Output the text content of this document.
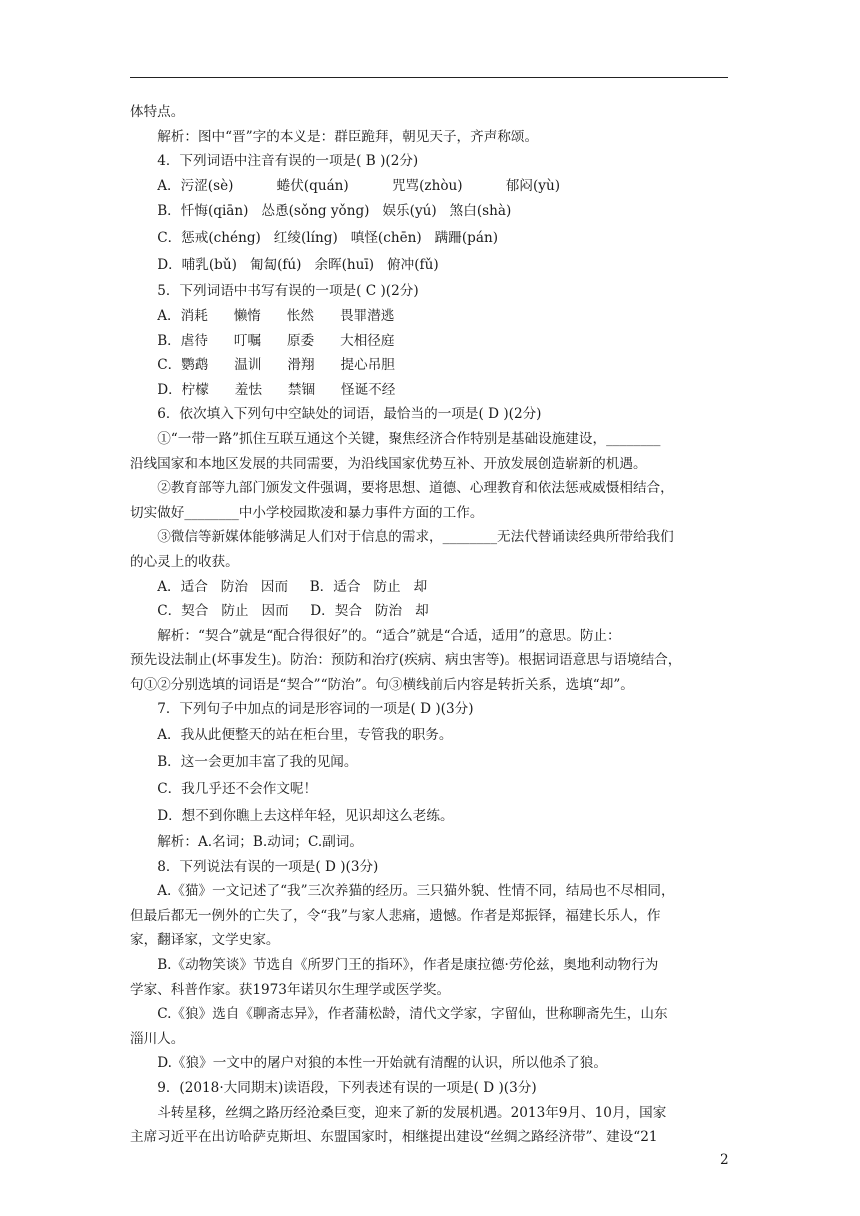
体特点。
解析：图中“晋”字的本义是：群臣跪拜，朝见天子，齐声称颂。
4．下列词语中注音有误的一项是( B )(2分)
A．污涩(sè)          蜷伏(quán)          咒骂(zhòu)          郁闷(yù)
B．忏悔(qiān)   怂恿(sǒng yǒng)   娱乐(yú)   煞白(shà)
C．惩戒(chéng)   红绫(líng)   嗔怪(chēn)   蹒跚(pán)
D．哺乳(bǔ)   匍匐(fú)   余晖(huī)   俯冲(fǔ)
5．下列词语中书写有误的一项是( C )(2分)
A．消耗      懒惰      怅然      畏罪潜逃
B．虐待      叮嘱      原委      大相径庭
C．鹦鹉      温训      滑翔      提心吊胆
D．柠檬      羞怯      禁锢      怪诞不经
6．依次填入下列句中空缺处的词语，最恰当的一项是( D )(2分)
①“一带一路”抓住互联互通这个关键，聚焦经济合作特别是基础设施建设，________
沿线国家和本地区发展的共同需要，为沿线国家优势互补、开放发展创造崭新的机遇。
②教育部等九部门颁发文件强调，要将思想、道德、心理教育和依法惩戒威慑相结合，
切实做好________中小学校园欺凌和暴力事件方面的工作。
③微信等新媒体能够满足人们对于信息的需求，________无法代替诵读经典所带给我们
的心灵上的收获。
A．适合   防治   因而     B．适合   防止   却
C．契合   防止   因而     D．契合   防治   却
解析：“契合”就是“配合得很好”的。“适合”就是“合适，适用”的意思。防止：
预先设法制止(坏事发生)。防治：预防和治疗(疾病、病虫害等)。根据词语意思与语境结合，
句①②分别选填的词语是“契合”“防治”。句③横线前后内容是转折关系，选填“却”。
7．下列句子中加点的词是形容词的一项是( D )(3分)
A．我从此便整天的站在柜台里，专管我的职务。
B．这一会更加丰富了我的见闻。
C．我几乎还不会作文呢！
D．想不到你瞧上去这样年轻，见识却这么老练。
解析：A.名词；B.动词；C.副词。
8．下列说法有误的一项是( D )(3分)
A.《猫》一文记述了“我”三次养猫的经历。三只猫外貌、性情不同，结局也不尽相同，
但最后都无一例外的亡失了，令“我”与家人悲痛，遗憾。作者是郑振铎，福建长乐人，作
家，翻译家，文学史家。
B.《动物笑谈》节选自《所罗门王的指环》，作者是康拉德·劳伦兹，奥地利动物行为
学家、科普作家。获1973年诺贝尔生理学或医学奖。
C.《狼》选自《聊斋志异》，作者蒲松龄，清代文学家，字留仙，世称聊斋先生，山东
淄川人。
D.《狼》一文中的屠户对狼的本性一开始就有清醒的认识，所以他杀了狼。
9．(2018·大同期末)读语段，下列表述有误的一项是( D )(3分)
斗转星移，丝绸之路历经沧桑巨变，迎来了新的发展机遇。2013年9月、10月，国家
主席习近平在出访哈萨克斯坦、东盟国家时，相继提出建设“丝绸之路经济带”、建设“21
2
